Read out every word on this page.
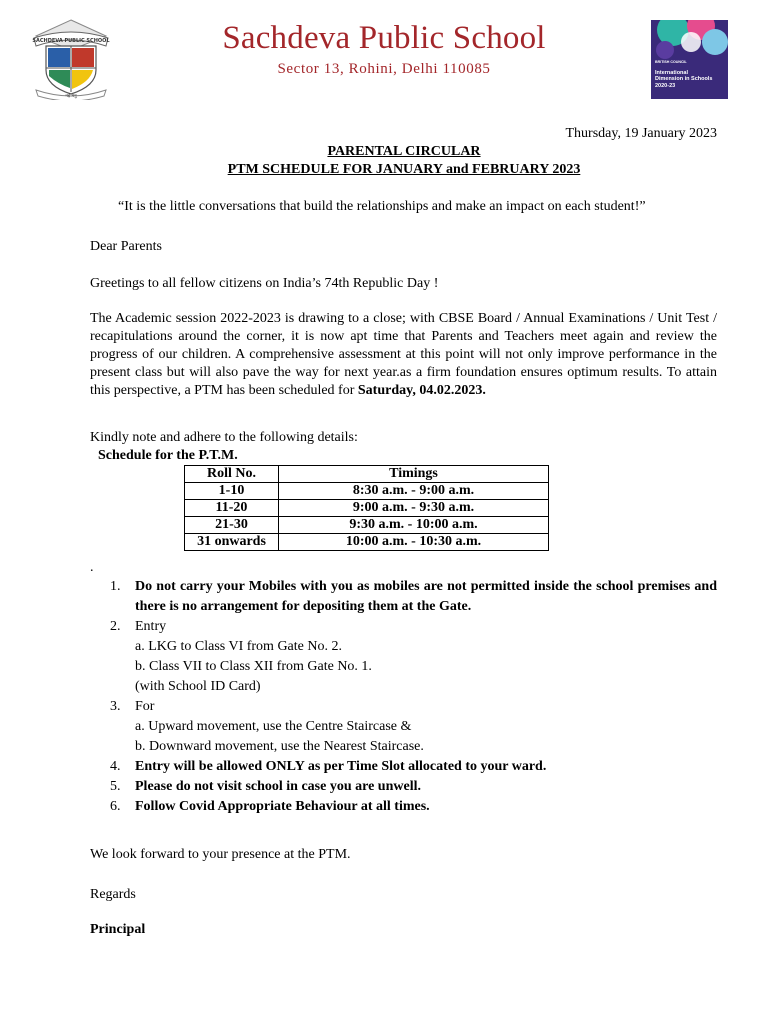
SACHDEVA PUBLIC SCHOOL
नई मनु
Sachdeva Public School
Sector 13, Rohini, Delhi 110085	BRITISH COUNCIL
International
Dimension in Schools
2020-23
Thursday, 19 January 2023
PARENTAL CIRCULAR
PTM SCHEDULE FOR JANUARY and FEBRUARY 2023
“It is the little conversations that build the relationships and make an impact on each student!”
Dear Parents
Greetings to all fellow citizens on India’s 74th Republic Day !
The Academic session 2022-2023 is drawing to a close; with CBSE Board / Annual Examinations / Unit Test / recapitulations around the corner, it is now apt time that Parents and Teachers meet again and review the progress of our children. A comprehensive assessment at this point will not only improve performance in the present class but will also pave the way for next year.as a firm foundation ensures optimum results. To attain this perspective, a PTM has been scheduled for Saturday, 04.02.2023.
Kindly note and adhere to the following details:
Schedule for the P.T.M.
Roll No.	Timings
1-10	8:30 a.m. - 9:00 a.m.
11-20	9:00 a.m. - 9:30 a.m.
21-30	9:30 a.m. - 10:00 a.m.
31 onwards	10:00 a.m. - 10:30 a.m.
.
1. Do not carry your Mobiles with you as mobiles are not permitted inside the school premises and there is no arrangement for depositing them at the Gate.
2. Entry
a. LKG to Class VI from Gate No. 2.
b. Class VII to Class XII from Gate No. 1.
(with School ID Card)
3. For
a. Upward movement, use the Centre Staircase &
b. Downward movement, use the Nearest Staircase.
4. Entry will be allowed ONLY as per Time Slot allocated to your ward.
5. Please do not visit school in case you are unwell.
6. Follow Covid Appropriate Behaviour at all times.
We look forward to your presence at the PTM.
Regards
Principal
